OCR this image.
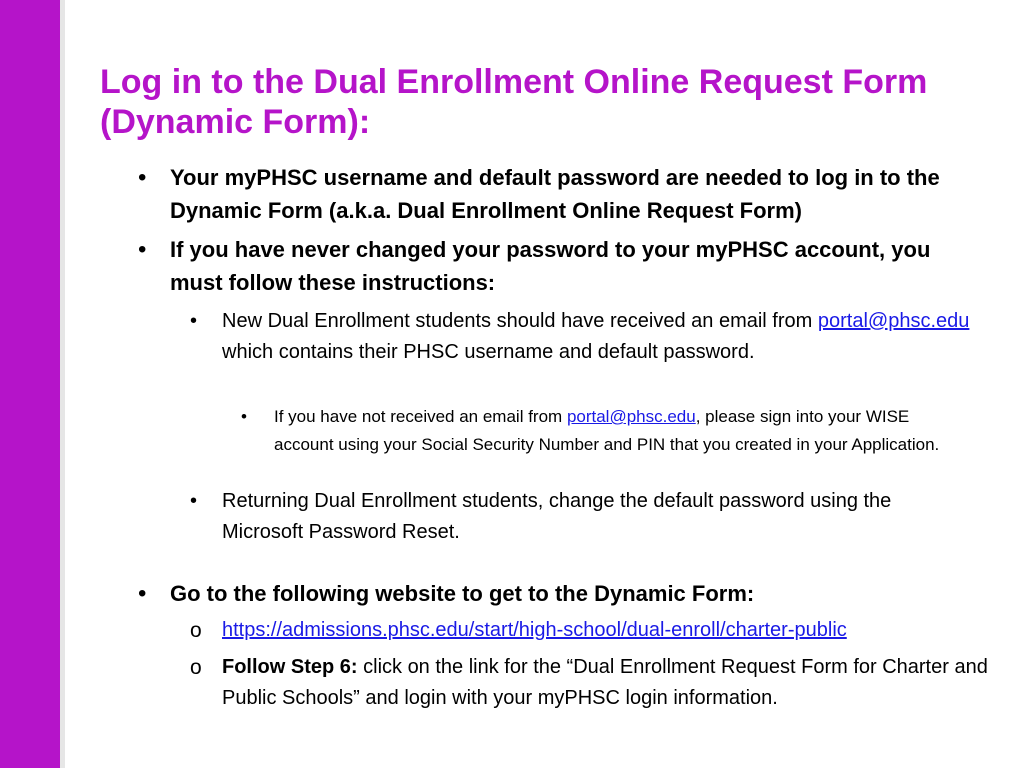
Log in to the Dual Enrollment Online Request Form (Dynamic Form):
•	Your myPHSC username and default password are needed to log in to the Dynamic Form (a.k.a. Dual Enrollment Online Request Form)
•	If you have never changed your password to your myPHSC account, you must follow these instructions:
•	New Dual Enrollment students should have received an email from portal@phsc.edu which contains their PHSC username and default password.
•	If you have not received an email from portal@phsc.edu, please sign into your WISE account using your Social Security Number and PIN that you created in your Application.
•	Returning Dual Enrollment students, change the default password using the Microsoft Password Reset.
•	Go to the following website to get to the Dynamic Form:
o	https://admissions.phsc.edu/start/high-school/dual-enroll/charter-public
o	Follow Step 6: click on the link for the “Dual Enrollment Request Form for Charter and Public Schools” and login with your myPHSC login information.
